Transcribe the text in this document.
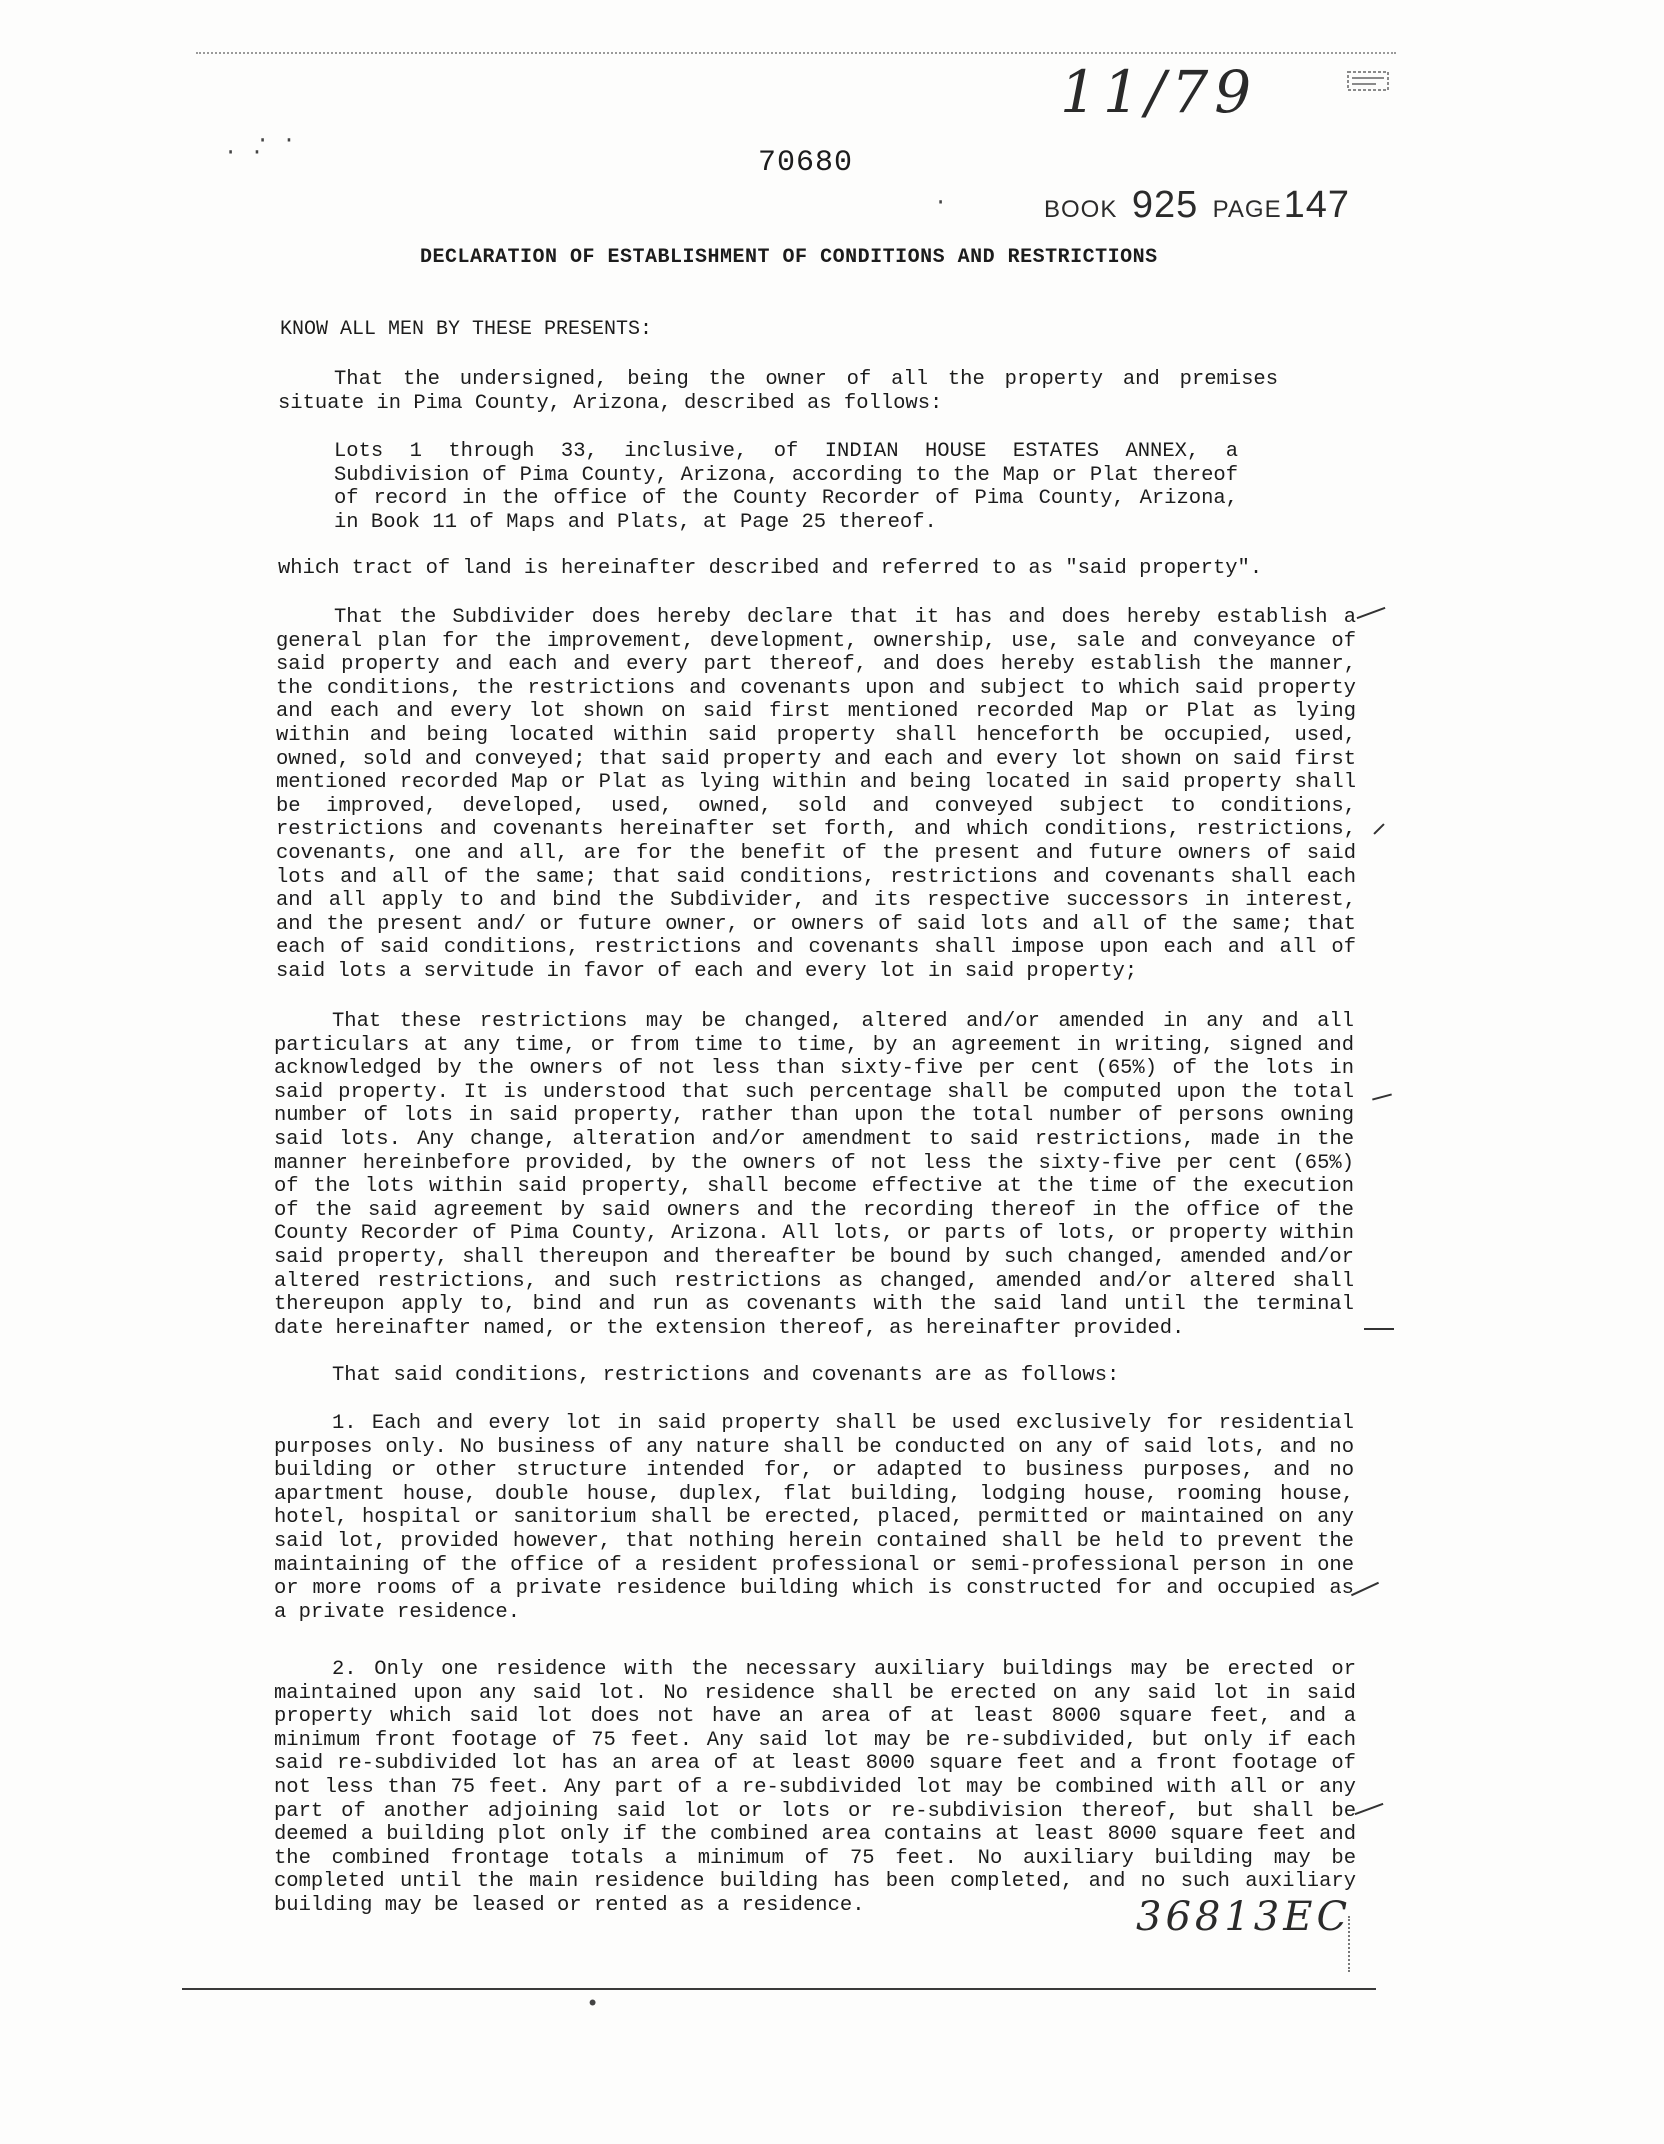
11/79
70680
BOOK 925 PAGE147
DECLARATION OF ESTABLISHMENT OF CONDITIONS AND RESTRICTIONS
KNOW ALL MEN BY THESE PRESENTS:

That the undersigned, being the owner of all the property and premises situate in Pima County, Arizona, described as follows:

Lots 1 through 33, inclusive, of INDIAN HOUSE ESTATES ANNEX, a Subdivision of Pima County, Arizona, according to the Map or Plat thereof of record in the office of the County Recorder of Pima County, Arizona, in Book 11 of Maps and Plats, at Page 25 thereof.

which tract of land is hereinafter described and referred to as "said property".

That the Subdivider does hereby declare that it has and does hereby establish a general plan for the improvement, development, ownership, use, sale and conveyance of said property and each and every part thereof, and does hereby establish the manner, the conditions, the restrictions and covenants upon and subject to which said property and each and every lot shown on said first mentioned recorded Map or Plat as lying within and being located within said property shall henceforth be occupied, used, owned, sold and conveyed; that said property and each and every lot shown on said first mentioned recorded Map or Plat as lying within and being located in said property shall be improved, developed, used, owned, sold and conveyed subject to conditions, restrictions and covenants hereinafter set forth, and which conditions, restrictions, covenants, one and all, are for the benefit of the present and future owners of said lots and all of the same; that said conditions, restrictions and covenants shall each and all apply to and bind the Subdivider, and its respective successors in interest, and the present and/ or future owner, or owners of said lots and all of the same; that each of said conditions, restrictions and covenants shall impose upon each and all of said lots a servitude in favor of each and every lot in said property;

That these restrictions may be changed, altered and/or amended in any and all particulars at any time, or from time to time, by an agreement in writing, signed and acknowledged by the owners of not less than sixty-five per cent (65%) of the lots in said property. It is understood that such percentage shall be computed upon the total number of lots in said property, rather than upon the total number of persons owning said lots. Any change, alteration and/or amendment to said restrictions, made in the manner hereinbefore provided, by the owners of not less the sixty-five per cent (65%) of the lots within said property, shall become effective at the time of the execution of the said agreement by said owners and the recording thereof in the office of the County Recorder of Pima County, Arizona. All lots, or parts of lots, or property within said property, shall thereupon and thereafter be bound by such changed, amended and/or altered restrictions, and such restrictions as changed, amended and/or altered shall thereupon apply to, bind and run as covenants with the said land until the terminal date hereinafter named, or the extension thereof, as hereinafter provided.

That said conditions, restrictions and covenants are as follows:

1. Each and every lot in said property shall be used exclusively for residential purposes only. No business of any nature shall be conducted on any of said lots, and no building or other structure intended for, or adapted to business purposes, and no apartment house, double house, duplex, flat building, lodging house, rooming house, hotel, hospital or sanitorium shall be erected, placed, permitted or maintained on any said lot, provided however, that nothing herein contained shall be held to prevent the maintaining of the office of a resident professional or semi-professional person in one or more rooms of a private residence building which is constructed for and occupied as a private residence.

2. Only one residence with the necessary auxiliary buildings may be erected or maintained upon any said lot. No residence shall be erected on any said lot in said property which said lot does not have an area of at least 8000 square feet, and a minimum front footage of 75 feet. Any said lot may be re-subdivided, but only if each said re-subdivided lot has an area of at least 8000 square feet and a front footage of not less than 75 feet. Any part of a re-subdivided lot may be combined with all or any part of another adjoining said lot or lots or re-subdivision thereof, but shall be deemed a building plot only if the combined area contains at least 8000 square feet and the combined frontage totals a minimum of 75 feet. No auxiliary building may be completed until the main residence building has been completed, and no such auxiliary building may be leased or rented as a residence.	36813EC
· ·
· ·
•
·
